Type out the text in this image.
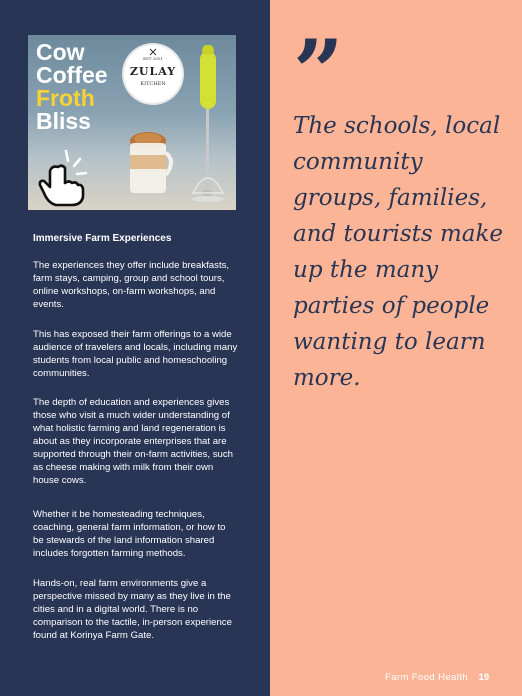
Cow
Coffee
Froth
Bliss
EST 2011
ZULAY
KITCHEN
Immersive Farm Experiences

The experiences they offer include breakfasts, farm stays, camping, group and school tours, online workshops, on-farm workshops, and events.

This has exposed their farm offerings to a wide audience of travelers and locals, including many students from local public and homeschooling communities.

The depth of education and experiences gives those who visit a much wider understanding of what holistic farming and land regeneration is about as they incorporate enterprises that are supported through their on-farm activities, such as cheese making with milk from their own house cows.

Whether it be homesteading techniques, coaching, general farm information, or how to be stewards of the land information shared includes forgotten farming methods.

Hands-on, real farm environments give a perspective missed by many as they live in the cities and in a digital world. There is no comparison to the tactile, in-person experience found at Korinya Farm Gate.

”

The schools, local community groups, families, and tourists make up the many parties of people wanting to learn more.

Farm Food Health 19
